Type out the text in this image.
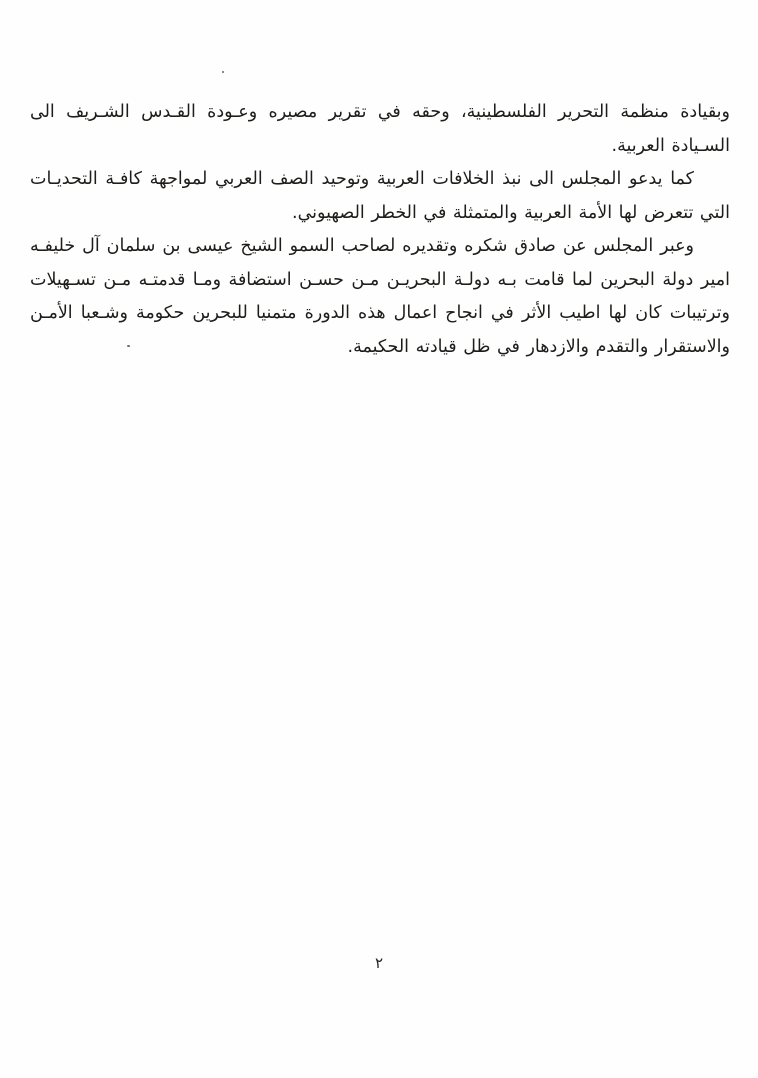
وبقيادة منظمة التحرير الفلسطينية، وحقه في تقرير مصيره وعـودة القـدس الشـريف الى السـيادة العربية.

كما يدعو المجلس الى نبذ الخلافات العربية وتوحيد الصف العربي لمواجهة كافـة التحديـات التي تتعرض لها الأمة العربية والمتمثلة في الخطر الصهيوني.

وعبر المجلس عن صادق شكره وتقديره لصاحب السمو الشيخ عيسى بن سلمان آل خليفـه امير دولة البحرين لما قامت بـه دولـة البحريـن مـن حسـن استضافة ومـا قدمتـه مـن تسـهيلات وترتيبات كان لها اطيب الأثر في انجاح اعمال هذه الدورة متمنيا للبحرين حكومة وشـعبا الأمـن والاستقرار والتقدم والازدهار في ظل قيادته الحكيمة.

٢
